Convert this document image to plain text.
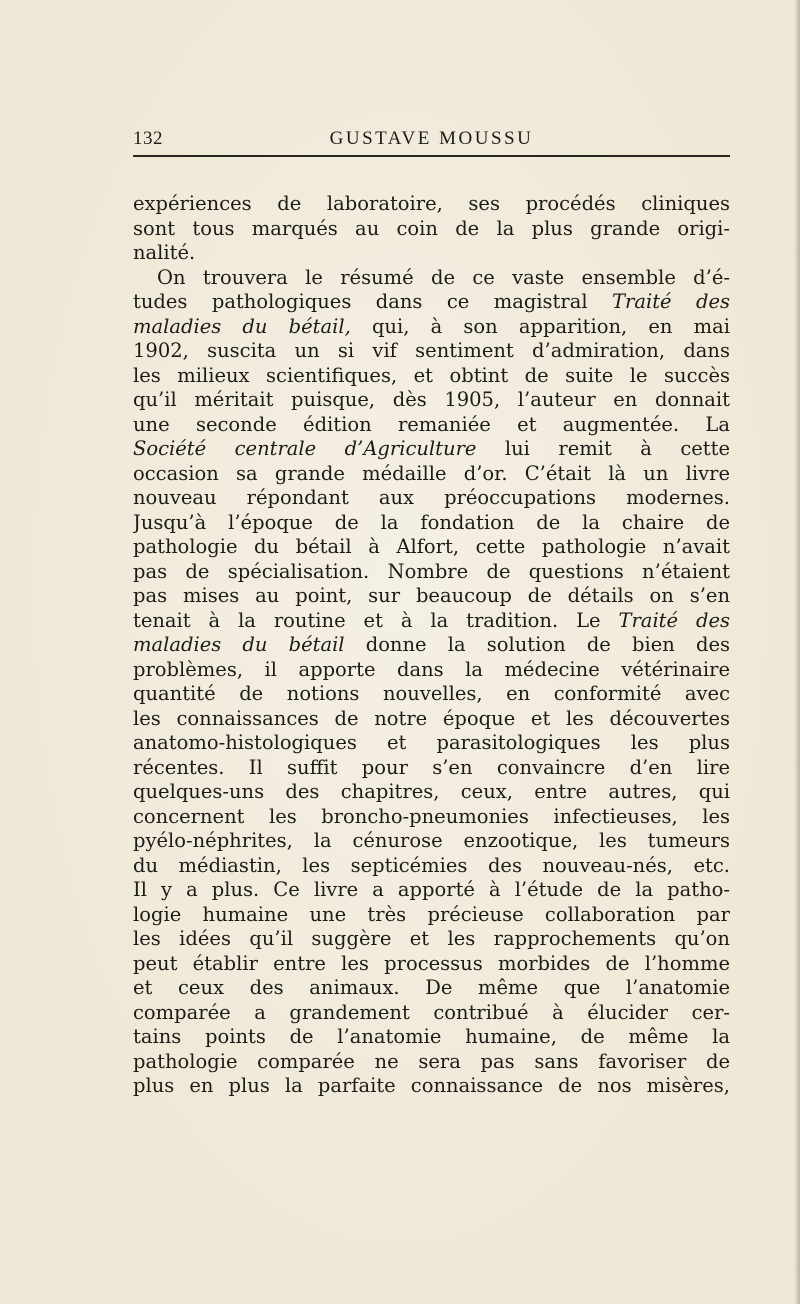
132	GUSTAVE MOUSSU
expériences de laboratoire, ses procédés cliniques
sont tous marqués au coin de la plus grande origi-
nalité.
On trouvera le résumé de ce vaste ensemble d’é-
tudes pathologiques dans ce magistral Traité des
maladies du bétail, qui, à son apparition, en mai
1902, suscita un si vif sentiment d’admiration, dans
les milieux scientifiques, et obtint de suite le succès
qu’il méritait puisque, dès 1905, l’auteur en donnait
une seconde édition remaniée et augmentée. La
Société centrale d’Agriculture lui remit à cette
occasion sa grande médaille d’or. C’était là un livre
nouveau répondant aux préoccupations modernes.
Jusqu’à l’époque de la fondation de la chaire de
pathologie du bétail à Alfort, cette pathologie n’avait
pas de spécialisation. Nombre de questions n’étaient
pas mises au point, sur beaucoup de détails on s’en
tenait à la routine et à la tradition. Le Traité des
maladies du bétail donne la solution de bien des
problèmes, il apporte dans la médecine vétérinaire
quantité de notions nouvelles, en conformité avec
les connaissances de notre époque et les découvertes
anatomo-histologiques et parasitologiques les plus
récentes. Il suffit pour s’en convaincre d’en lire
quelques-uns des chapitres, ceux, entre autres, qui
concernent les broncho-pneumonies infectieuses, les
pyélo-néphrites, la cénurose enzootique, les tumeurs
du médiastin, les septicémies des nouveau-nés, etc.
Il y a plus. Ce livre a apporté à l’étude de la patho-
logie humaine une très précieuse collaboration par
les idées qu’il suggère et les rapprochements qu’on
peut établir entre les processus morbides de l’homme
et ceux des animaux. De même que l’anatomie
comparée a grandement contribué à élucider cer-
tains points de l’anatomie humaine, de même la
pathologie comparée ne sera pas sans favoriser de
plus en plus la parfaite connaissance de nos misères,
